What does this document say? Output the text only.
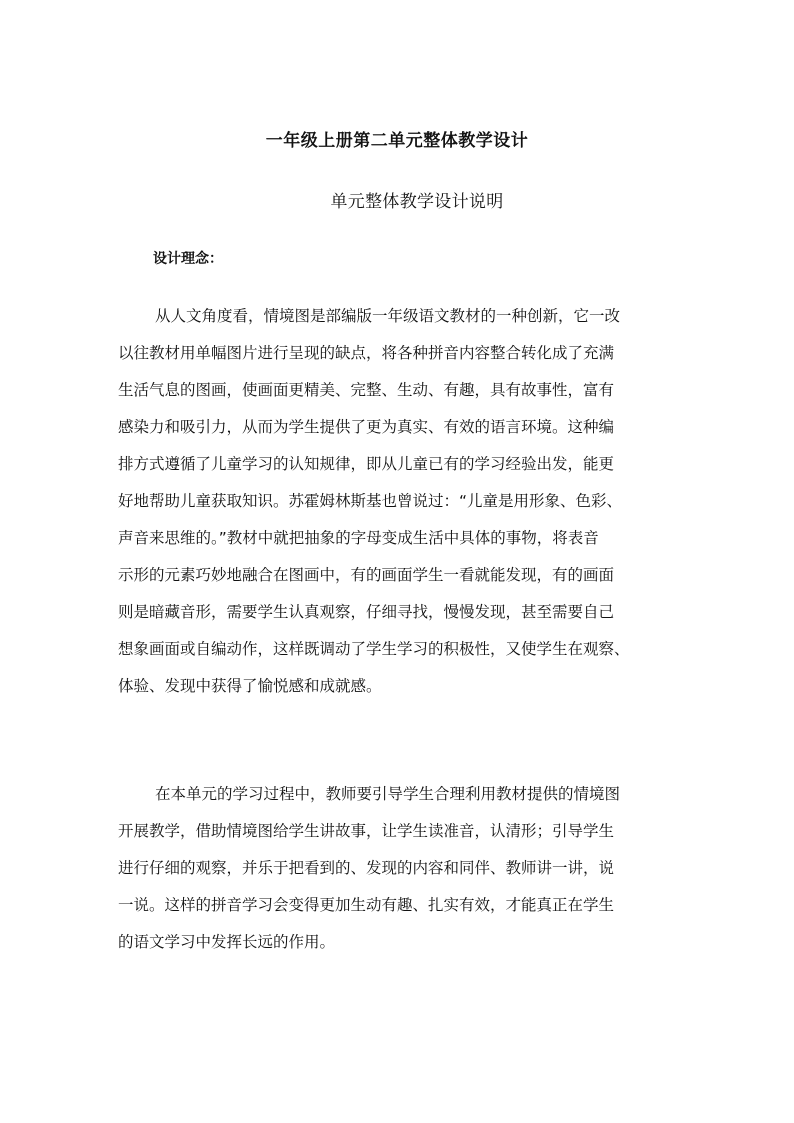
一年级上册第二单元整体教学设计
单元整体教学设计说明
设计理念：
从人文角度看，情境图是部编版一年级语文教材的一种创新，它一改
以往教材用单幅图片进行呈现的缺点，将各种拼音内容整合转化成了充满
生活气息的图画，使画面更精美、完整、生动、有趣，具有故事性，富有
感染力和吸引力，从而为学生提供了更为真实、有效的语言环境。这种编
排方式遵循了儿童学习的认知规律，即从儿童已有的学习经验出发，能更
好地帮助儿童获取知识。苏霍姆林斯基也曾说过：“儿童是用形象、色彩、
声音来思维的。”教材中就把抽象的字母变成生活中具体的事物，将表音
示形的元素巧妙地融合在图画中，有的画面学生一看就能发现，有的画面
则是暗藏音形，需要学生认真观察，仔细寻找，慢慢发现，甚至需要自己
想象画面或自编动作，这样既调动了学生学习的积极性，又使学生在观察、
体验、发现中获得了愉悦感和成就感。
在本单元的学习过程中，教师要引导学生合理利用教材提供的情境图
开展教学，借助情境图给学生讲故事，让学生读准音，认清形；引导学生
进行仔细的观察，并乐于把看到的、发现的内容和同伴、教师讲一讲，说
一说。这样的拼音学习会变得更加生动有趣、扎实有效，才能真正在学生
的语文学习中发挥长远的作用。
